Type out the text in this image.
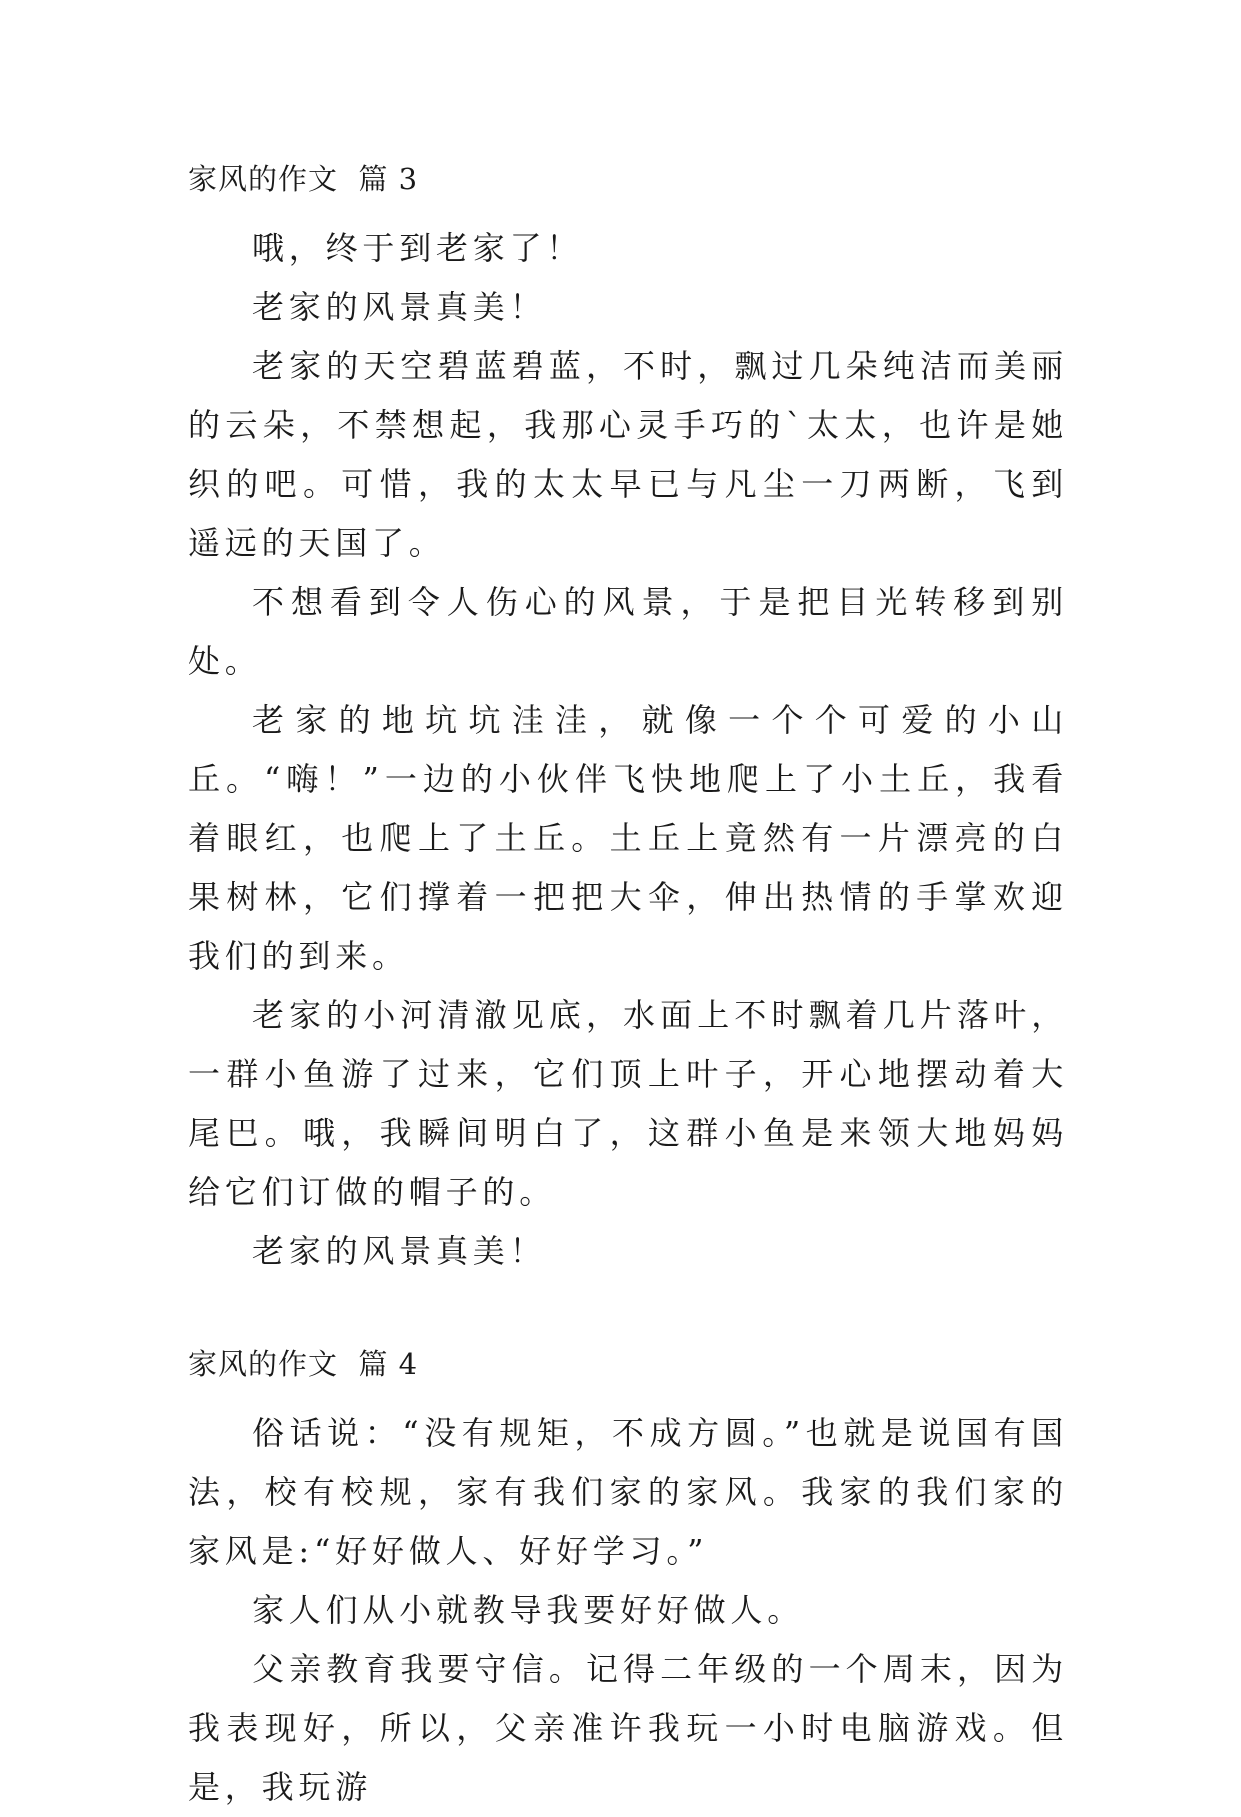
家风的作文  篇 3

哦，终于到老家了！

老家的风景真美！

老家的天空碧蓝碧蓝，不时，飘过几朵纯洁而美丽的云朵，不禁想起，我那心灵手巧的`太太，也许是她织的吧。可惜，我的太太早已与凡尘一刀两断，飞到遥远的天国了。

不想看到令人伤心的风景，于是把目光转移到别处。

老家的地坑坑洼洼，就像一个个可爱的小山丘。“嗨！”一边的小伙伴飞快地爬上了小土丘，我看着眼红，也爬上了土丘。土丘上竟然有一片漂亮的白果树林，它们撑着一把把大伞，伸出热情的手掌欢迎我们的到来。

老家的小河清澈见底，水面上不时飘着几片落叶，一群小鱼游了过来，它们顶上叶子，开心地摆动着大尾巴。哦，我瞬间明白了，这群小鱼是来领大地妈妈给它们订做的帽子的。

老家的风景真美！

家风的作文  篇 4

俗话说：“没有规矩，不成方圆。”也就是说国有国法，校有校规，家有我们家的家风。我家的我们家的家风是:“好好做人、好好学习。”

家人们从小就教导我要好好做人。

父亲教育我要守信。记得二年级的一个周末，因为我表现好，所以，父亲准许我玩一小时电脑游戏。但是，我玩游
